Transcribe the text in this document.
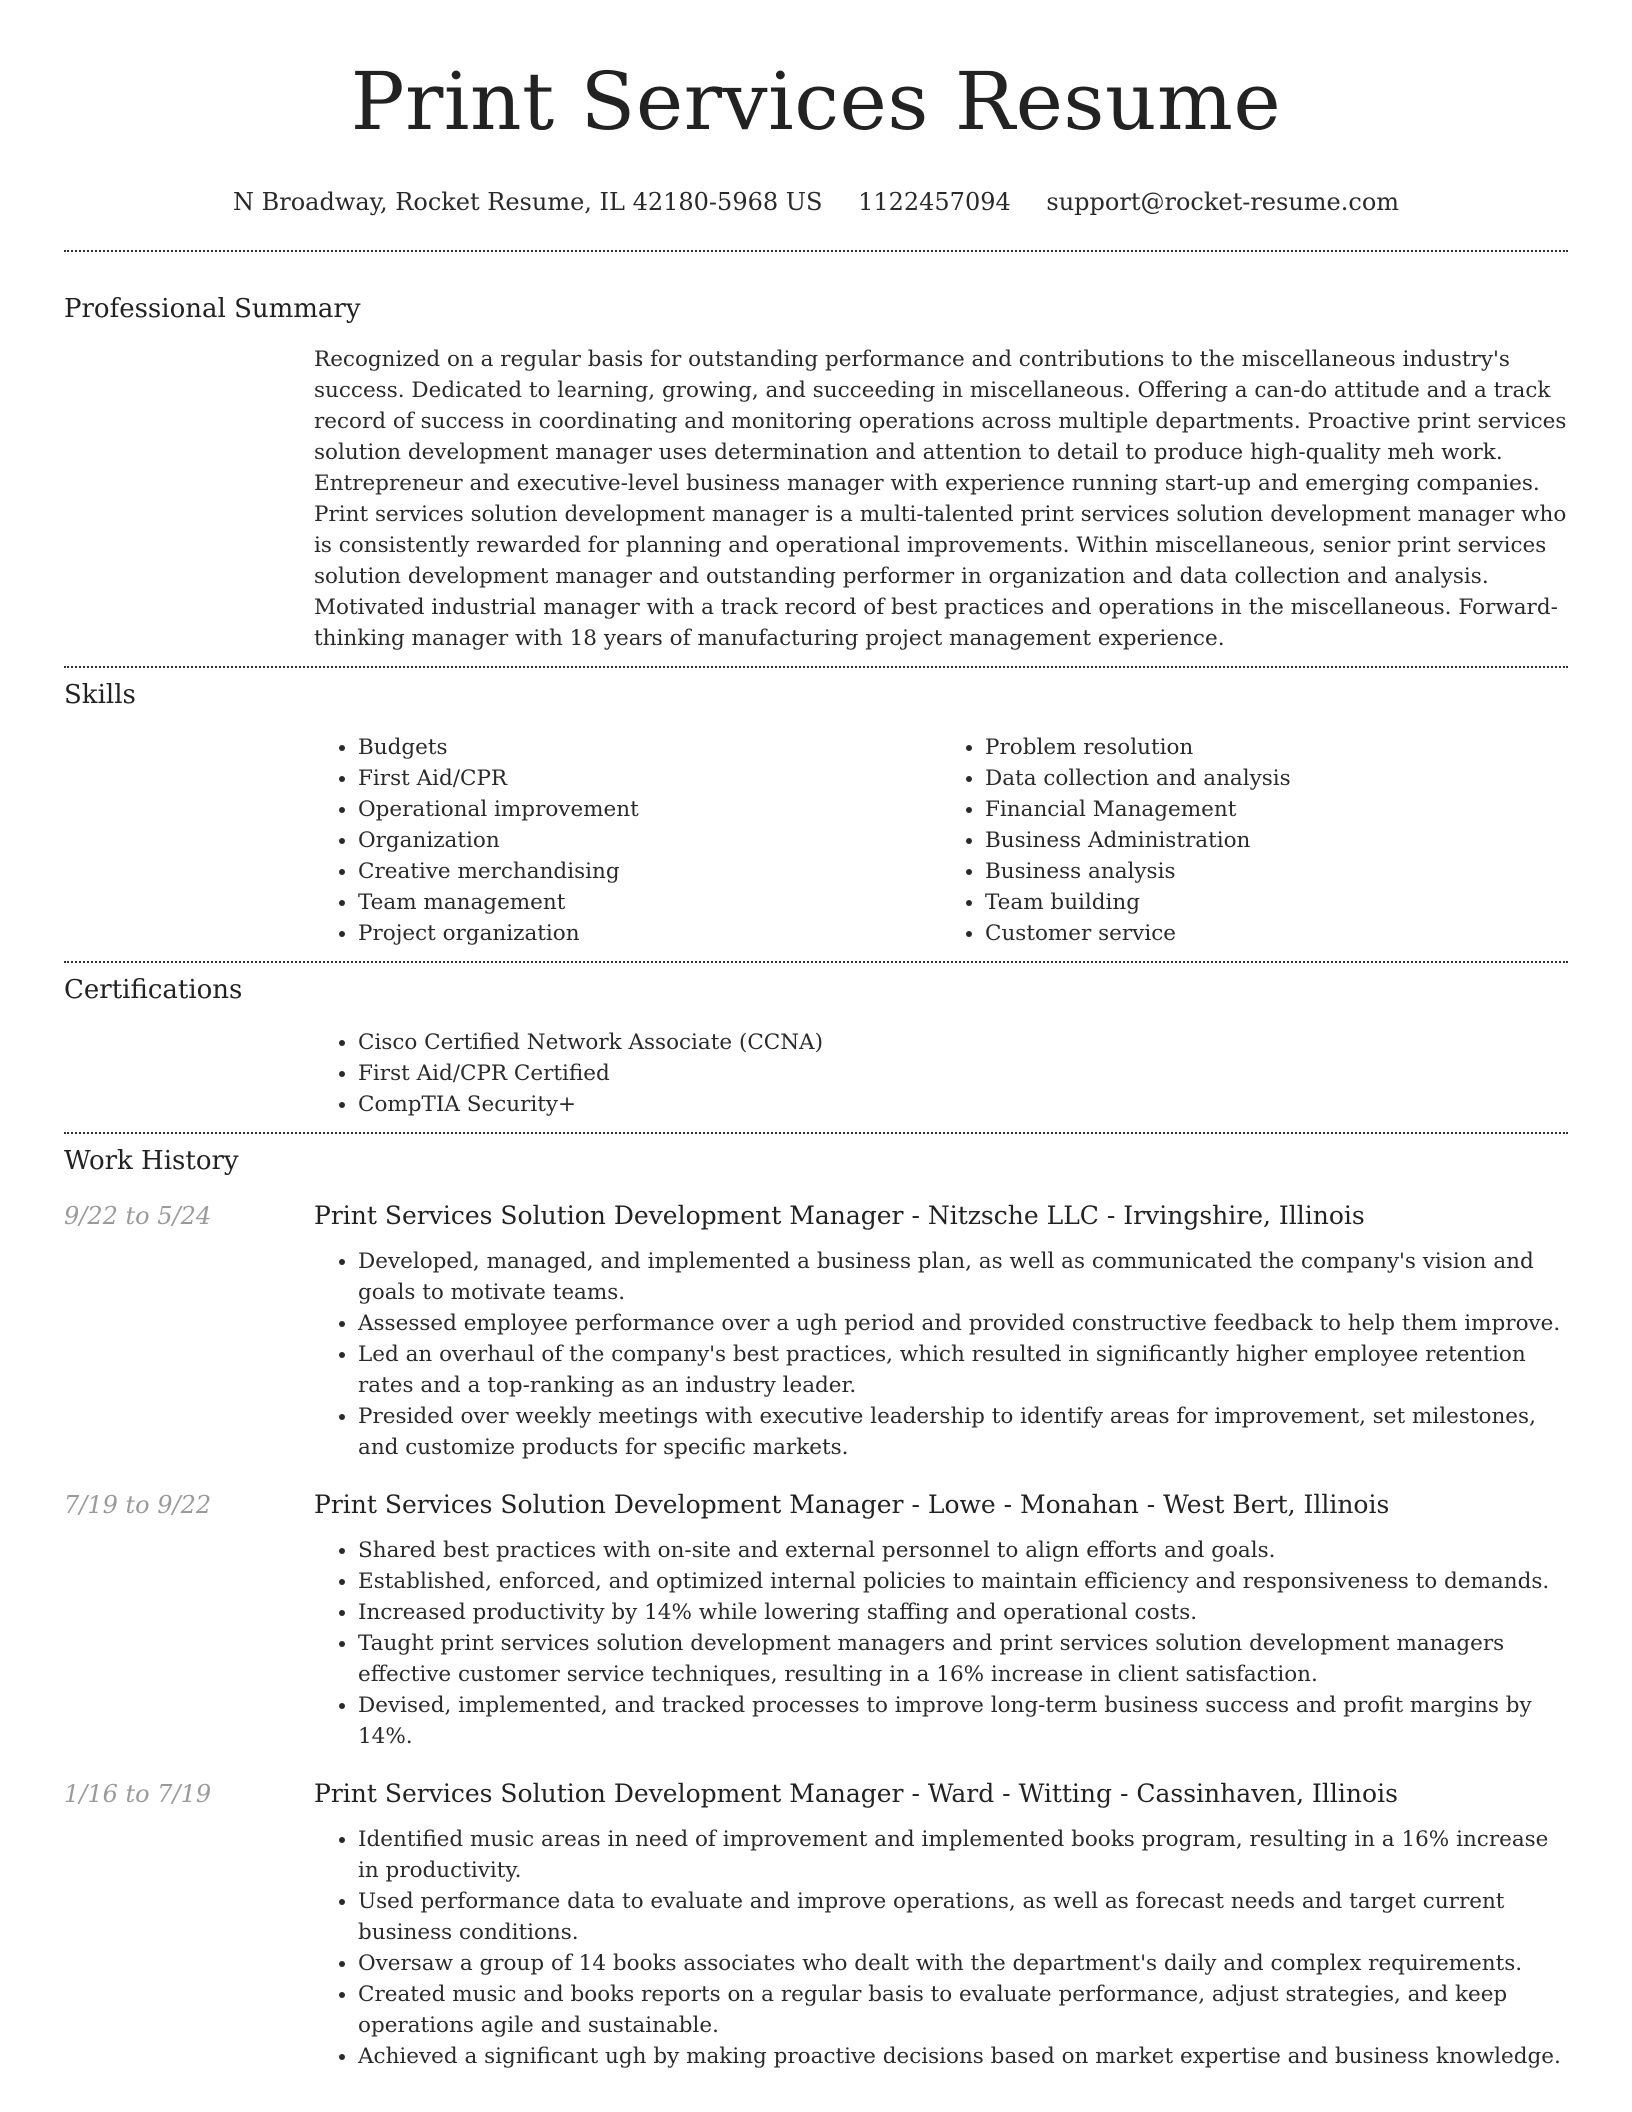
Print Services Resume
N Broadway, Rocket Resume, IL 42180-5968 US 1122457094 support@rocket-resume.com
Professional Summary
Recognized on a regular basis for outstanding performance and contributions to the miscellaneous industry's success. Dedicated to learning, growing, and succeeding in miscellaneous. Offering a can-do attitude and a track record of success in coordinating and monitoring operations across multiple departments. Proactive print services solution development manager uses determination and attention to detail to produce high-quality meh work. Entrepreneur and executive-level business manager with experience running start-up and emerging companies. Print services solution development manager is a multi-talented print services solution development manager who is consistently rewarded for planning and operational improvements. Within miscellaneous, senior print services solution development manager and outstanding performer in organization and data collection and analysis. Motivated industrial manager with a track record of best practices and operations in the miscellaneous. Forward-thinking manager with 18 years of manufacturing project management experience.
Skills
• Budgets
• First Aid/CPR
• Operational improvement
• Organization
• Creative merchandising
• Team management
• Project organization
• Problem resolution
• Data collection and analysis
• Financial Management
• Business Administration
• Business analysis
• Team building
• Customer service
Certifications
• Cisco Certified Network Associate (CCNA)
• First Aid/CPR Certified
• CompTIA Security+
Work History
9/22 to 5/24	Print Services Solution Development Manager - Nitzsche LLC - Irvingshire, Illinois
• Developed, managed, and implemented a business plan, as well as communicated the company's vision and goals to motivate teams.
• Assessed employee performance over a ugh period and provided constructive feedback to help them improve.
• Led an overhaul of the company's best practices, which resulted in significantly higher employee retention rates and a top-ranking as an industry leader.
• Presided over weekly meetings with executive leadership to identify areas for improvement, set milestones, and customize products for specific markets.
7/19 to 9/22	Print Services Solution Development Manager - Lowe - Monahan - West Bert, Illinois
• Shared best practices with on-site and external personnel to align efforts and goals.
• Established, enforced, and optimized internal policies to maintain efficiency and responsiveness to demands.
• Increased productivity by 14% while lowering staffing and operational costs.
• Taught print services solution development managers and print services solution development managers effective customer service techniques, resulting in a 16% increase in client satisfaction.
• Devised, implemented, and tracked processes to improve long-term business success and profit margins by 14%.
1/16 to 7/19	Print Services Solution Development Manager - Ward - Witting - Cassinhaven, Illinois
• Identified music areas in need of improvement and implemented books program, resulting in a 16% increase in productivity.
• Used performance data to evaluate and improve operations, as well as forecast needs and target current business conditions.
• Oversaw a group of 14 books associates who dealt with the department's daily and complex requirements.
• Created music and books reports on a regular basis to evaluate performance, adjust strategies, and keep operations agile and sustainable.
• Achieved a significant ugh by making proactive decisions based on market expertise and business knowledge.
